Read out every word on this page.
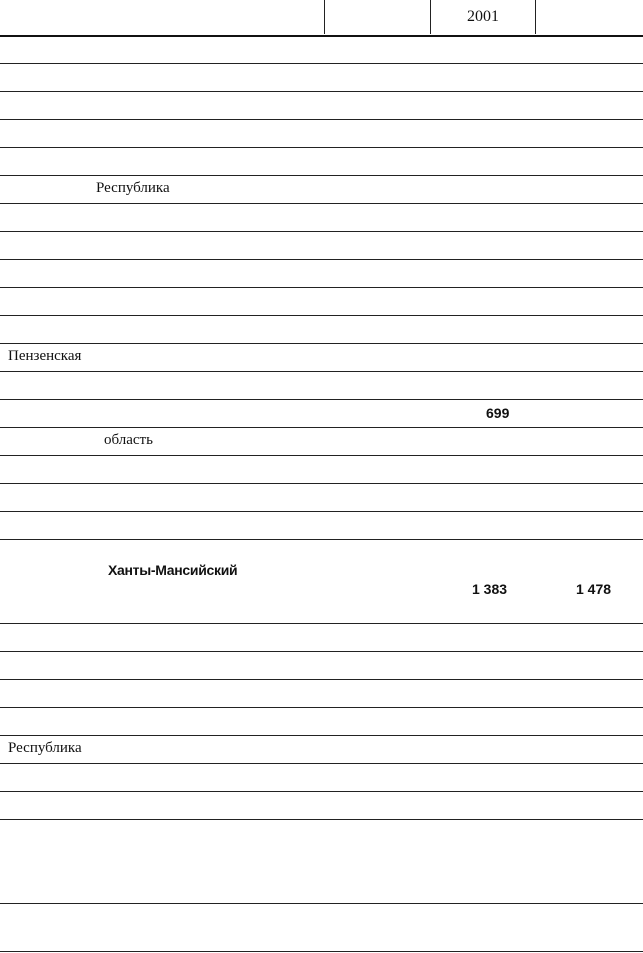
2001
Республика
Пензенская
699
область
Ханты-Мансийский
1 383	1 478
Республика
